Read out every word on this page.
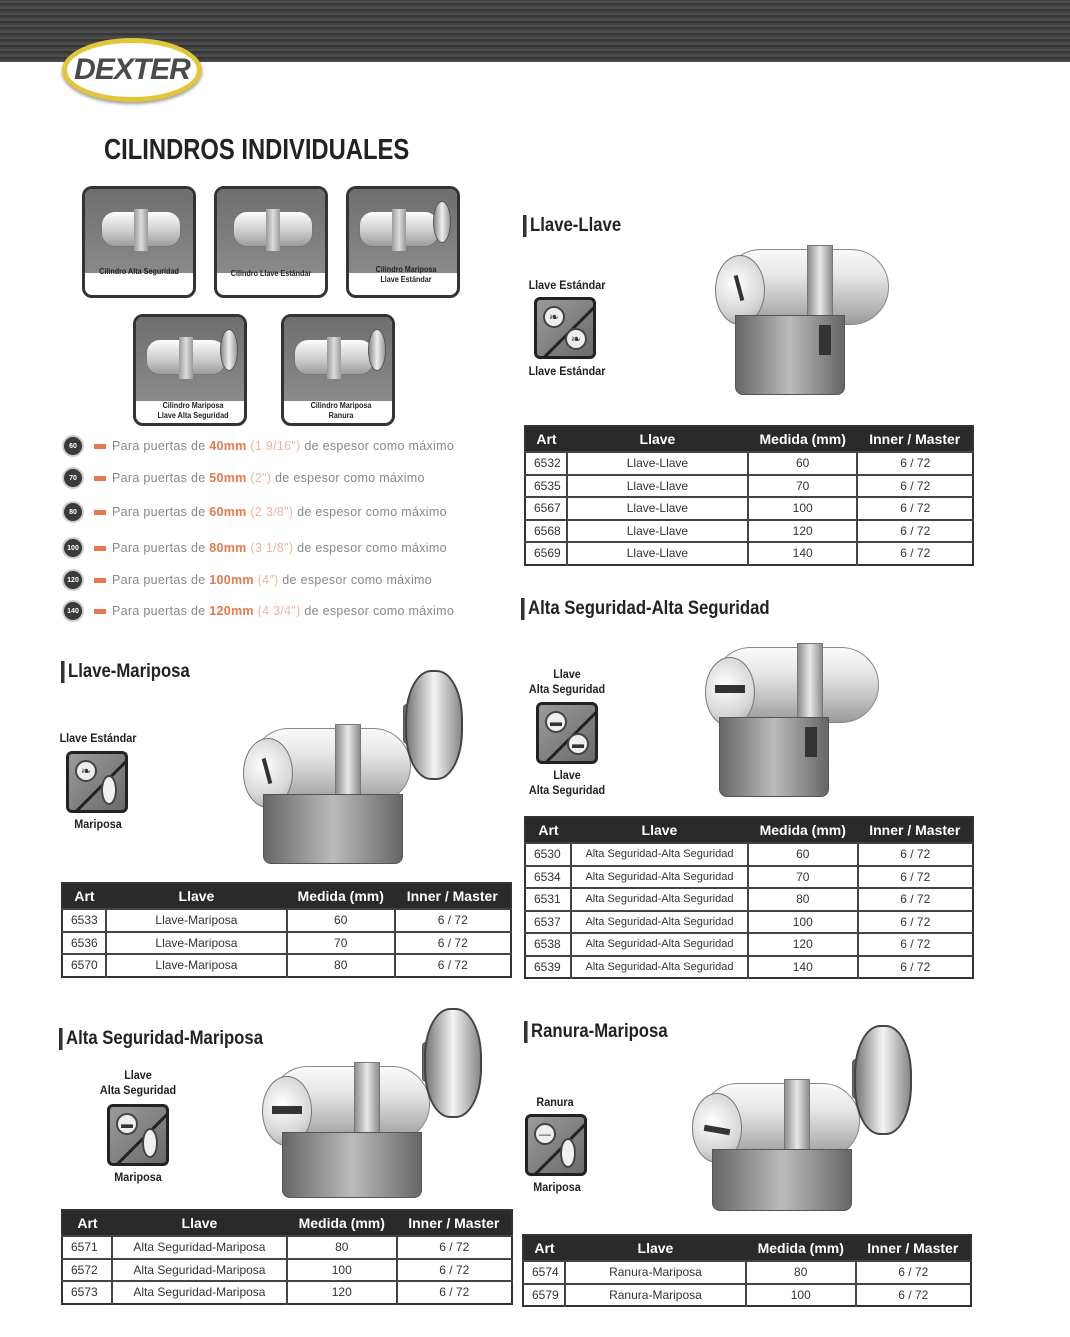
DEXTER
CILINDROS INDIVIDUALES
Cilindro Alta Seguridad	Cilindro Llave Estándar	Cilindro Mariposa Llave Estándar
Cilindro Mariposa Llave Alta Seguridad
Cilindro Mariposa Ranura
60	Para puertas de 40mm (1 9/16") de espesor como máximo
70	Para puertas de 50mm (2") de espesor como máximo
80	Para puertas de 60mm (2 3/8") de espesor como máximo
100	Para puertas de 80mm (3 1/8") de espesor como máximo
120	Para puertas de 100mm (4") de espesor como máximo
140	Para puertas de 120mm (4 3/4") de espesor como máximo
Llave-Llave
Llave Estándar
❧
❧
Llave Estándar
Art	Llave	Medida (mm)	Inner / Master
6532	Llave-Llave	60	6 / 72
6535	Llave-Llave	70	6 / 72
6567	Llave-Llave	100	6 / 72
6568	Llave-Llave	120	6 / 72
6569	Llave-Llave	140	6 / 72
Alta Seguridad-Alta Seguridad
Llave
Alta Seguridad
▬
▬
Llave
Alta Seguridad
Art	Llave	Medida (mm)	Inner / Master
6530	Alta Seguridad-Alta Seguridad	60	6 / 72
6534	Alta Seguridad-Alta Seguridad	70	6 / 72
6531	Alta Seguridad-Alta Seguridad	80	6 / 72
6537	Alta Seguridad-Alta Seguridad	100	6 / 72
6538	Alta Seguridad-Alta Seguridad	120	6 / 72
6539	Alta Seguridad-Alta Seguridad	140	6 / 72
Llave-Mariposa
Llave Estándar
❧
Mariposa
Art	Llave	Medida (mm)	Inner / Master
6533	Llave-Mariposa	60	6 / 72
6536	Llave-Mariposa	70	6 / 72
6570	Llave-Mariposa	80	6 / 72
Alta Seguridad-Mariposa
Llave
Alta Seguridad
▬
Mariposa
Art	Llave	Medida (mm)	Inner / Master
6571	Alta Seguridad-Mariposa	80	6 / 72
6572	Alta Seguridad-Mariposa	100	6 / 72
6573	Alta Seguridad-Mariposa	120	6 / 72
Ranura-Mariposa
Ranura
—
Mariposa
Art	Llave	Medida (mm)	Inner / Master
6574	Ranura-Mariposa	80	6 / 72
6579	Ranura-Mariposa	100	6 / 72
